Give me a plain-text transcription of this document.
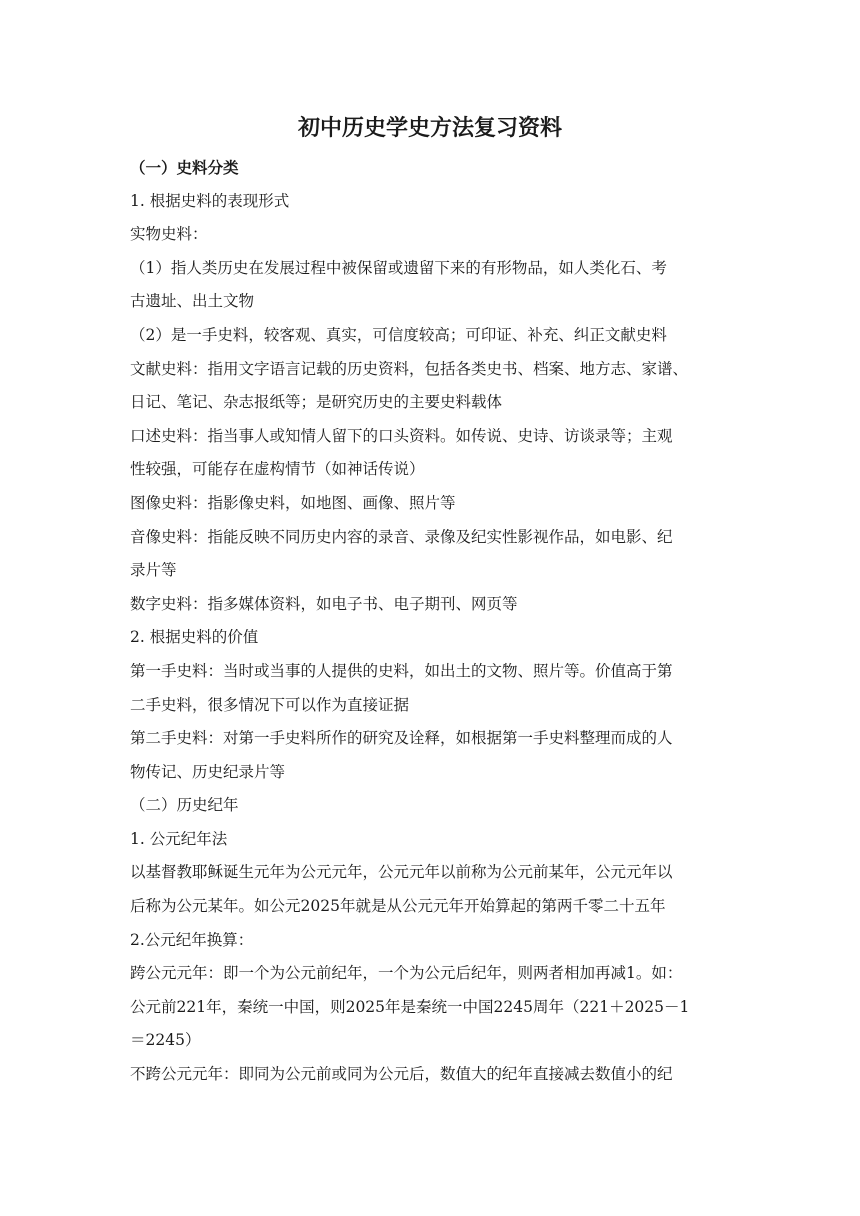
初中历史学史方法复习资料
（一）史料分类
1. 根据史料的表现形式
实物史料：
（1）指人类历史在发展过程中被保留或遗留下来的有形物品，如人类化石、考
古遗址、出土文物
（2）是一手史料，较客观、真实，可信度较高；可印证、补充、纠正文献史料
文献史料：指用文字语言记载的历史资料，包括各类史书、档案、地方志、家谱、
日记、笔记、杂志报纸等；是研究历史的主要史料载体
口述史料：指当事人或知情人留下的口头资料。如传说、史诗、访谈录等；主观
性较强，可能存在虚构情节（如神话传说）
图像史料：指影像史料，如地图、画像、照片等
音像史料：指能反映不同历史内容的录音、录像及纪实性影视作品，如电影、纪
录片等
数字史料：指多媒体资料，如电子书、电子期刊、网页等
2. 根据史料的价值
第一手史料：当时或当事的人提供的史料，如出土的文物、照片等。价值高于第
二手史料，很多情况下可以作为直接证据
第二手史料：对第一手史料所作的研究及诠释，如根据第一手史料整理而成的人
物传记、历史纪录片等
（二）历史纪年
1. 公元纪年法
以基督教耶稣诞生元年为公元元年，公元元年以前称为公元前某年，公元元年以
后称为公元某年。如公元2025年就是从公元元年开始算起的第两千零二十五年
2.公元纪年换算：
跨公元元年：即一个为公元前纪年，一个为公元后纪年，则两者相加再减1。如：
公元前221年，秦统一中国，则2025年是秦统一中国2245周年（221＋2025－1
＝2245）
不跨公元元年：即同为公元前或同为公元后，数值大的纪年直接减去数值小的纪
